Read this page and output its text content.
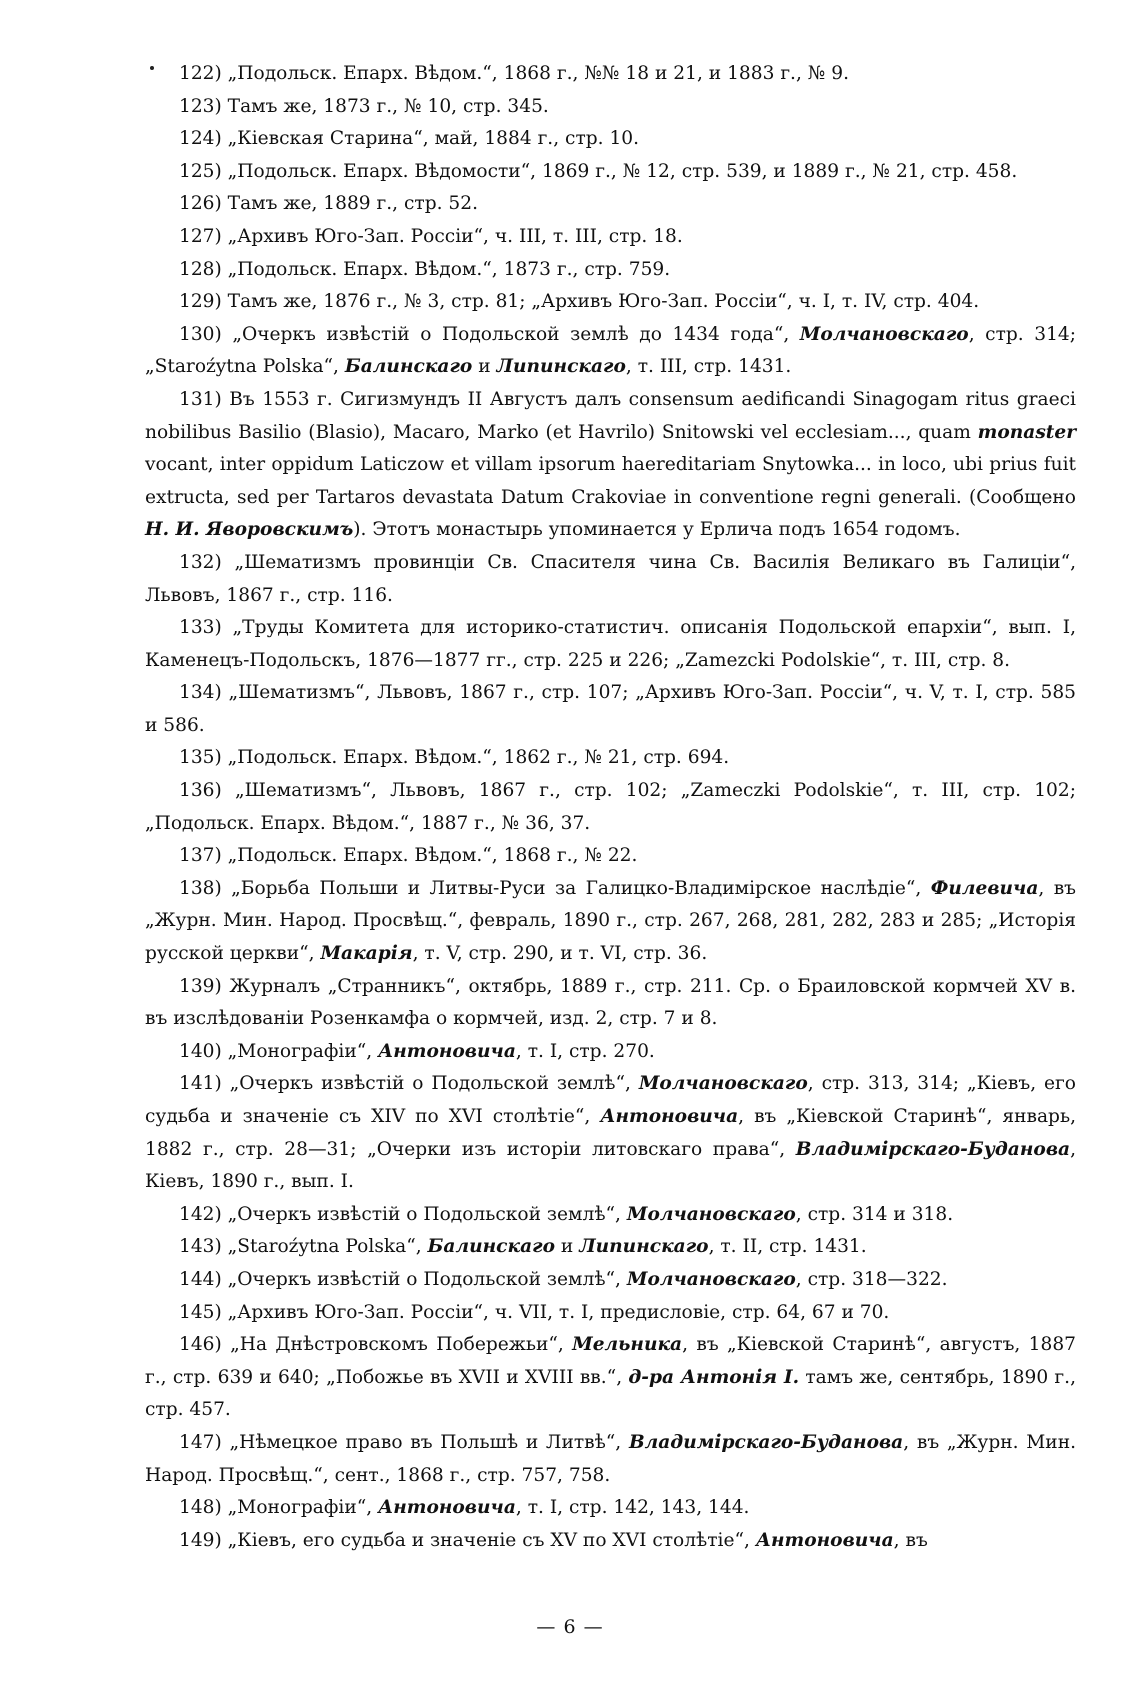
122) „Подольск. Епарх. Вѣдом.“, 1868 г., №№ 18 и 21, и 1883 г., № 9.

123) Тамъ же, 1873 г., № 10, стр. 345.

124) „Кіевская Старина“, май, 1884 г., стр. 10.

125) „Подольск. Епарх. Вѣдомости“, 1869 г., № 12, стр. 539, и 1889 г., № 21, стр. 458.

126) Тамъ же, 1889 г., стр. 52.

127) „Архивъ Юго-Зап. Россіи“, ч. III, т. III, стр. 18.

128) „Подольск. Епарх. Вѣдом.“, 1873 г., стр. 759.

129) Тамъ же, 1876 г., № 3, стр. 81; „Архивъ Юго-Зап. Россіи“, ч. I, т. IV, стр. 404.

130) „Очеркъ извѣстій о Подольской землѣ до 1434 года“, Молчановскаго, стр. 314; „Staroźytna Polska“, Балинскаго и Липинскаго, т. III, стр. 1431.

131) Въ 1553 г. Сигизмундъ II Августъ далъ consensum aedificandi Sinagogam ritus graeci nobilibus Basilio (Blasio), Macaro, Marko (et Havrilo) Snitowski vel ecclesiam..., quam monaster vocant, inter oppidum Laticzow et villam ipsorum haereditariam Snytowka... in loco, ubi prius fuit extructa, sed per Tartaros devastata Datum Crakoviae in conventione regni generali. (Сообщено Н. И. Яворовскимъ). Этотъ монастырь упоминается у Ерлича подъ 1654 годомъ.

132) „Шематизмъ провинціи Св. Спасителя чина Св. Василія Великаго въ Галиціи“, Львовъ, 1867 г., стр. 116.

133) „Труды Комитета для историко-статистич. описанія Подольской епархіи“, вып. I, Каменецъ-Подольскъ, 1876—1877 гг., стр. 225 и 226; „Zamezcki Podolskie“, т. III, стр. 8.

134) „Шематизмъ“, Львовъ, 1867 г., стр. 107; „Архивъ Юго-Зап. Россіи“, ч. V, т. I, стр. 585 и 586.

135) „Подольск. Епарх. Вѣдом.“, 1862 г., № 21, стр. 694.

136) „Шематизмъ“, Львовъ, 1867 г., стр. 102; „Zameczki Podolskie“, т. III, стр. 102; „Подольск. Епарх. Вѣдом.“, 1887 г., № 36, 37.

137) „Подольск. Епарх. Вѣдом.“, 1868 г., № 22.

138) „Борьба Польши и Литвы-Руси за Галицко-Владимірское наслѣдіе“, Филевича, въ „Журн. Мин. Народ. Просвѣщ.“, февраль, 1890 г., стр. 267, 268, 281, 282, 283 и 285; „Исторія русской церкви“, Макарія, т. V, стр. 290, и т. VI, стр. 36.

139) Журналъ „Странникъ“, октябрь, 1889 г., стр. 211. Ср. о Браиловской кормчей XV в. въ изслѣдованіи Розенкамфа о кормчей, изд. 2, стр. 7 и 8.

140) „Монографіи“, Антоновича, т. I, стр. 270.

141) „Очеркъ извѣстій о Подольской землѣ“, Молчановскаго, стр. 313, 314; „Кіевъ, его судьба и значеніе съ XIV по XVI столѣтіе“, Антоновича, въ „Кіевской Старинѣ“, январь, 1882 г., стр. 28—31; „Очерки изъ исторіи литовскаго права“, Владимірскаго-Буданова, Кіевъ, 1890 г., вып. I.

142) „Очеркъ извѣстій о Подольской землѣ“, Молчановскаго, стр. 314 и 318.

143) „Staroźytna Polska“, Балинскаго и Липинскаго, т. II, стр. 1431.

144) „Очеркъ извѣстій о Подольской землѣ“, Молчановскаго, стр. 318—322.

145) „Архивъ Юго-Зап. Россіи“, ч. VII, т. I, предисловіе, стр. 64, 67 и 70.

146) „На Днѣстровскомъ Побережьи“, Мельника, въ „Кіевской Старинѣ“, августъ, 1887 г., стр. 639 и 640; „Побожье въ XVII и XVIII вв.“, д-ра Антонія І. тамъ же, сентябрь, 1890 г., стр. 457.

147) „Нѣмецкое право въ Польшѣ и Литвѣ“, Владимірскаго-Буданова, въ „Журн. Мин. Народ. Просвѣщ.“, сент., 1868 г., стр. 757, 758.

148) „Монографіи“, Антоновича, т. I, стр. 142, 143, 144.

149) „Кіевъ, его судьба и значеніе съ XV по XVI столѣтіе“, Антоновича, въ

— 6 —
